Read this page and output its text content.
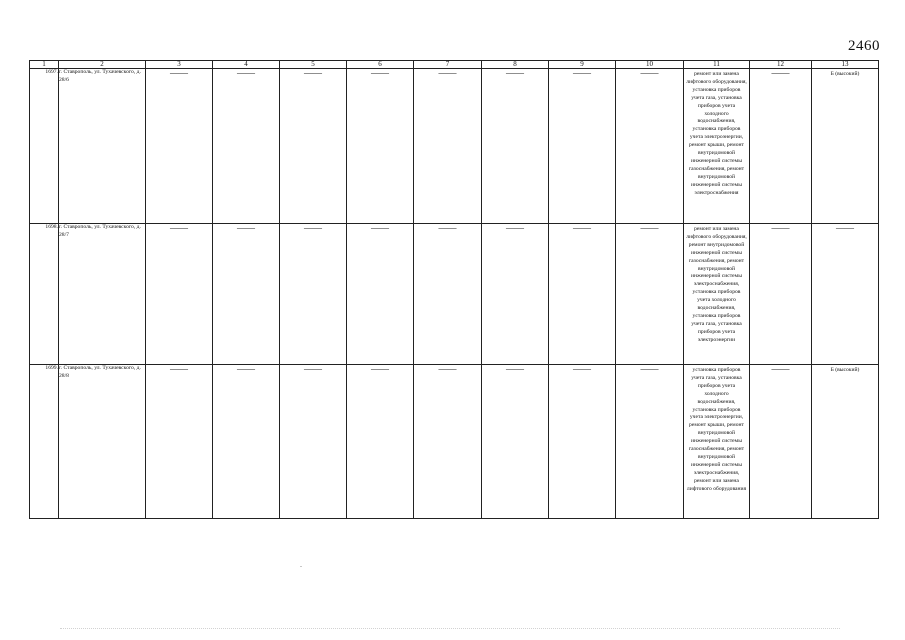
2460
1	2	3	4	5	6	7	8	9	10	11	12	13
1697.	г. Ставрополь, ул. Тухачевского, д. 28/6	——	——	——	——	——	——	——	——	ремонт или замена лифтового оборудования, установка приборов учета газа, установка приборов учета холодного водоснабжения, установка приборов учета электроэнергии, ремонт крыши, ремонт внутридомовой инженерной системы газоснабжения, ремонт внутридомовой инженерной системы электроснабжения	——	Б (высокий)

1698.	г. Ставрополь, ул. Тухачевского, д. 28/7	——	——	——	——	——	——	——	——	ремонт или замена лифтового оборудования, ремонт внутридомовой инженерной системы газоснабжения, ремонт внутридомовой инженерной системы электроснабжения, установка приборов учета холодного водоснабжения, установка приборов учета газа, установка приборов учета электроэнергии	——	——

1699.	г. Ставрополь, ул. Тухачевского, д. 28/8	——	——	——	——	——	——	——	——	установка приборов учета газа, установка приборов учета холодного водоснабжения, установка приборов учета электроэнергии, ремонт крыши, ремонт внутридомовой инженерной системы газоснабжения, ремонт внутридомовой инженерной системы электроснабжения, ремонт или замена лифтового оборудования	——	Б (высокий)
